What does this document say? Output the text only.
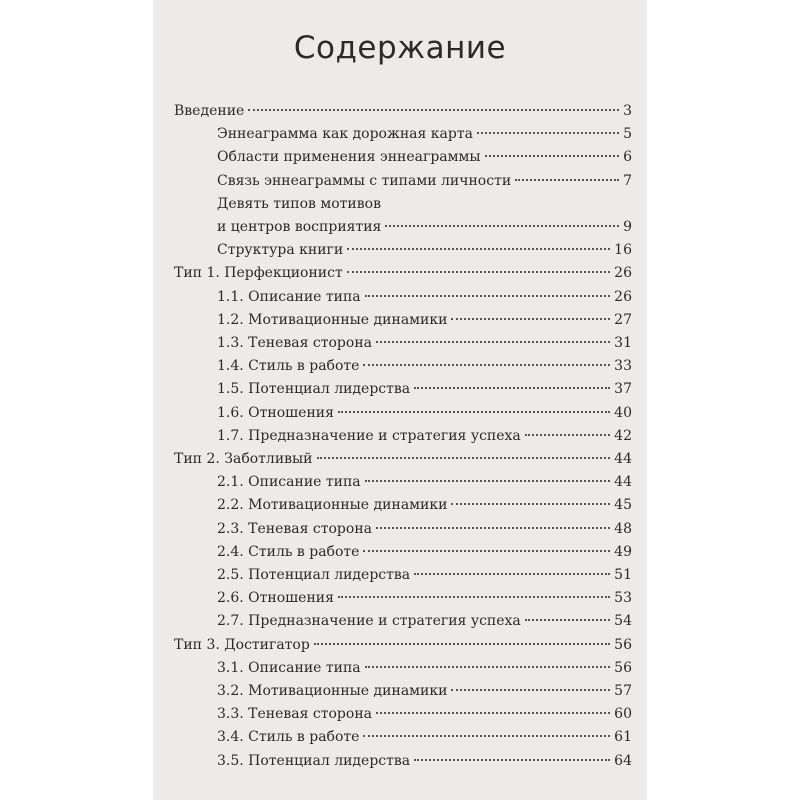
Содержание
Введение	3
Эннеаграмма как дорожная карта	5
Области применения эннеаграммы	6
Связь эннеаграммы с типами личности	7
Девять типов мотивов
и центров восприятия	9
Структура книги	16
Тип 1. Перфекционист	26
1.1. Описание типа	26
1.2. Мотивационные динамики	27
1.3. Теневая сторона	31
1.4. Стиль в работе	33
1.5. Потенциал лидерства	37
1.6. Отношения	40
1.7. Предназначение и стратегия успеха	42
Тип 2. Заботливый	44
2.1. Описание типа	44
2.2. Мотивационные динамики	45
2.3. Теневая сторона	48
2.4. Стиль в работе	49
2.5. Потенциал лидерства	51
2.6. Отношения	53
2.7. Предназначение и стратегия успеха	54
Тип 3. Достигатор	56
3.1. Описание типа	56
3.2. Мотивационные динамики	57
3.3. Теневая сторона	60
3.4. Стиль в работе	61
3.5. Потенциал лидерства	64
